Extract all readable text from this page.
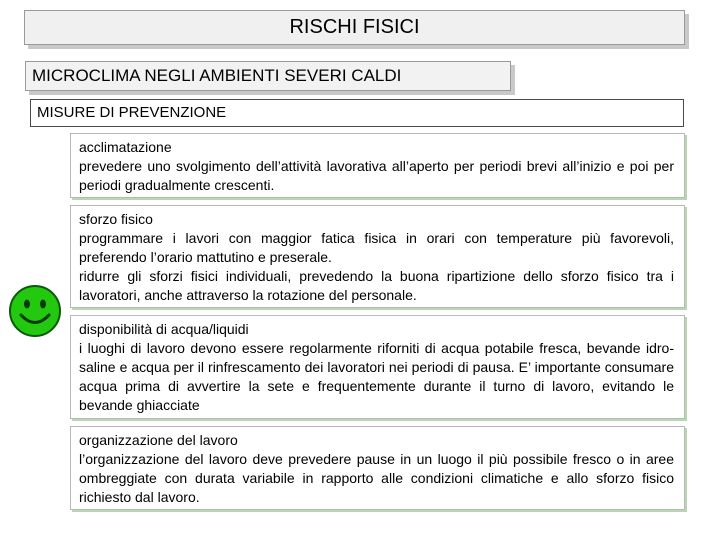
RISCHI FISICI
MICROCLIMA NEGLI AMBIENTI SEVERI CALDI
MISURE DI PREVENZIONE
acclimatazione

prevedere uno svolgimento dell’attività lavorativa all’aperto per periodi brevi all’inizio e poi per periodi gradualmente crescenti.

sforzo fisico

programmare i lavori con maggior fatica fisica in orari con temperature più favorevoli, preferendo l’orario mattutino e preserale.

ridurre gli sforzi fisici individuali, prevedendo la buona ripartizione dello sforzo fisico tra i lavoratori, anche attraverso la rotazione del personale.

disponibilità di acqua/liquidi

i luoghi di lavoro devono essere regolarmente riforniti di acqua potabile fresca, bevande idro-saline e acqua per il rinfrescamento dei lavoratori nei periodi di pausa. E’ importante consumare acqua prima di avvertire la sete e frequentemente durante il turno di lavoro, evitando le bevande ghiacciate

organizzazione del lavoro

l’organizzazione del lavoro deve prevedere pause in un luogo il più possibile fresco o in aree ombreggiate con durata variabile in rapporto alle condizioni climatiche e allo sforzo fisico richiesto dal lavoro.
